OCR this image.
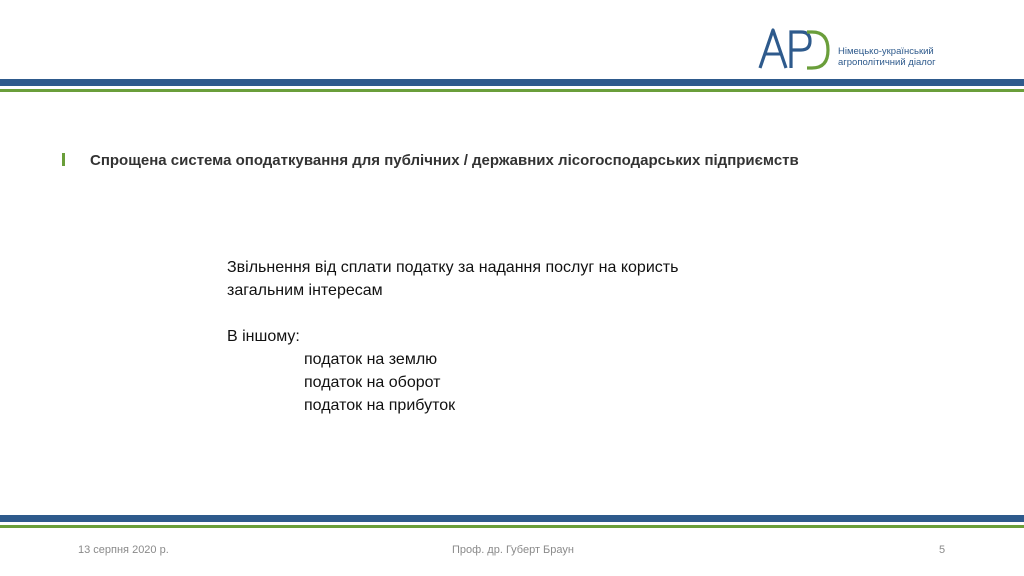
Німецько-український
агрополітичний діалог
Спрощена система оподаткування для публічних / державних лісогосподарських підприємств
Звільнення від сплати податку за надання послуг на користь
загальним інтересам
В іншому:
податок на землю
податок на оборот
податок на прибуток
13 серпня 2020 р.	Проф. др. Губерт Браун	5
